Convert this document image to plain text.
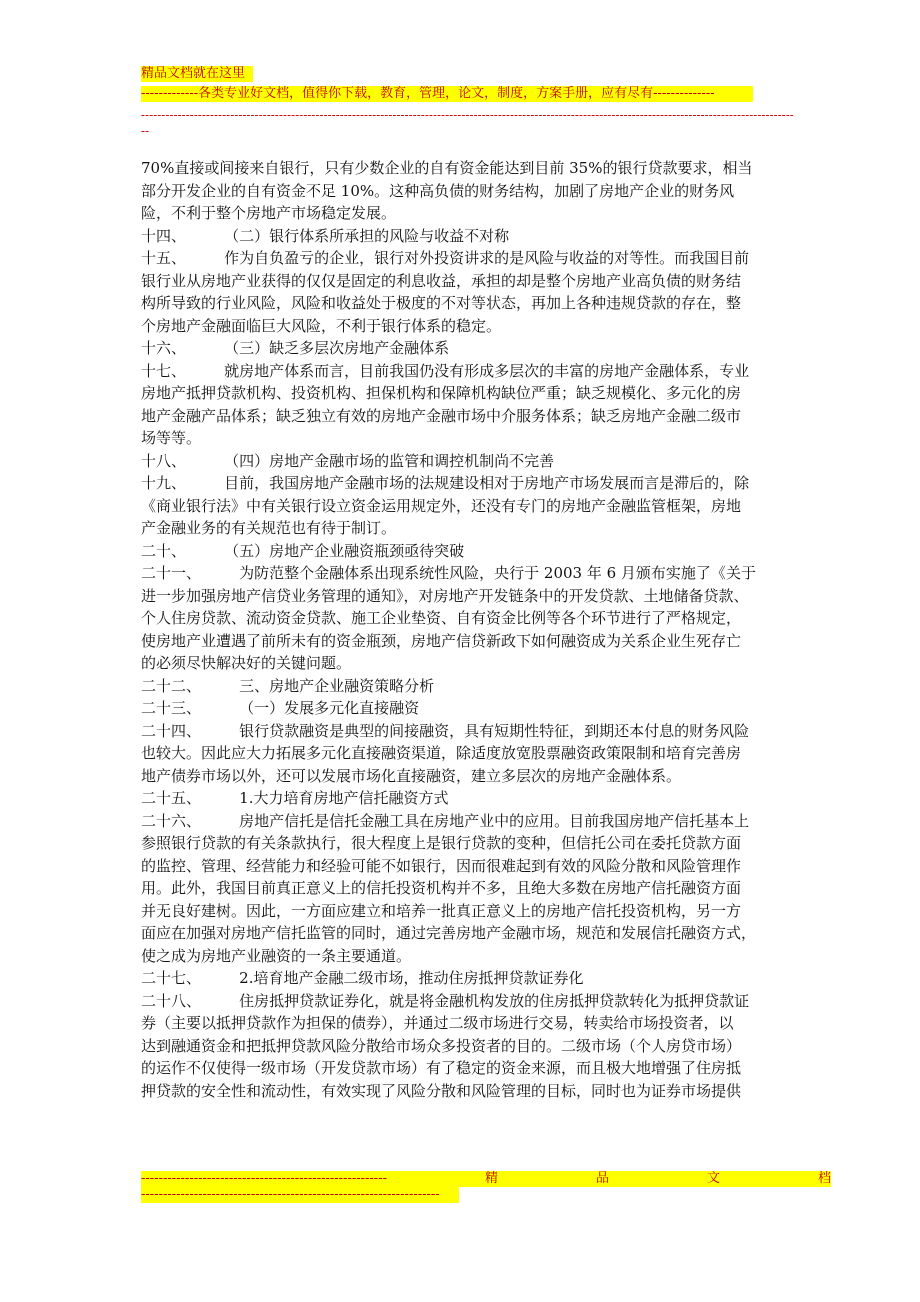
精品文档就在这里
-------------各类专业好文档，值得你下载，教育，管理，论文，制度，方案手册，应有尽有--------------
-----------------------------------------------------------------------------------------------------------------------------------------------------------------
--
70%直接或间接来自银行，只有少数企业的自有资金能达到目前 35%的银行贷款要求，相当
部分开发企业的自有资金不足 10%。这种高负债的财务结构，加剧了房地产企业的财务风
险，不利于整个房地产市场稳定发展。
十四、        （二）银行体系所承担的风险与收益不对称
十五、        作为自负盈亏的企业，银行对外投资讲求的是风险与收益的对等性。而我国目前
银行业从房地产业获得的仅仅是固定的利息收益，承担的却是整个房地产业高负债的财务结
构所导致的行业风险，风险和收益处于极度的不对等状态，再加上各种违规贷款的存在，整
个房地产金融面临巨大风险，不利于银行体系的稳定。
十六、        （三）缺乏多层次房地产金融体系
十七、        就房地产体系而言，目前我国仍没有形成多层次的丰富的房地产金融体系，专业
房地产抵押贷款机构、投资机构、担保机构和保障机构缺位严重；缺乏规模化、多元化的房
地产金融产品体系；缺乏独立有效的房地产金融市场中介服务体系；缺乏房地产金融二级市
场等等。
十八、        （四）房地产金融市场的监管和调控机制尚不完善
十九、        目前，我国房地产金融市场的法规建设相对于房地产市场发展而言是滞后的，除
《商业银行法》中有关银行设立资金运用规定外，还没有专门的房地产金融监管框架，房地
产金融业务的有关规范也有待于制订。
二十、        （五）房地产企业融资瓶颈亟待突破
二十一、        为防范整个金融体系出现系统性风险，央行于 2003 年 6 月颁布实施了《关于
进一步加强房地产信贷业务管理的通知》，对房地产开发链条中的开发贷款、土地储备贷款、
个人住房贷款、流动资金贷款、施工企业垫资、自有资金比例等各个环节进行了严格规定，
使房地产业遭遇了前所未有的资金瓶颈，房地产信贷新政下如何融资成为关系企业生死存亡
的必须尽快解决好的关键问题。
二十二、        三、房地产企业融资策略分析
二十三、        （一）发展多元化直接融资
二十四、        银行贷款融资是典型的间接融资，具有短期性特征，到期还本付息的财务风险
也较大。因此应大力拓展多元化直接融资渠道，除适度放宽股票融资政策限制和培育完善房
地产债券市场以外，还可以发展市场化直接融资，建立多层次的房地产金融体系。
二十五、        1.大力培育房地产信托融资方式
二十六、        房地产信托是信托金融工具在房地产业中的应用。目前我国房地产信托基本上
参照银行贷款的有关条款执行，很大程度上是银行贷款的变种，但信托公司在委托贷款方面
的监控、管理、经营能力和经验可能不如银行，因而很难起到有效的风险分散和风险管理作
用。此外，我国目前真正意义上的信托投资机构并不多，且绝大多数在房地产信托融资方面
并无良好建树。因此，一方面应建立和培养一批真正意义上的房地产信托投资机构，另一方
面应在加强对房地产信托监管的同时，通过完善房地产金融市场，规范和发展信托融资方式，
使之成为房地产业融资的一条主要通道。
二十七、        2.培育地产金融二级市场，推动住房抵押贷款证券化
二十八、        住房抵押贷款证券化，就是将金融机构发放的住房抵押贷款转化为抵押贷款证
券（主要以抵押贷款作为担保的债券），并通过二级市场进行交易，转卖给市场投资者，以
达到融通资金和把抵押贷款风险分散给市场众多投资者的目的。二级市场（个人房贷市场）
的运作不仅使得一级市场（开发贷款市场）有了稳定的资金来源，而且极大地增强了住房抵
押贷款的安全性和流动性，有效实现了风险分散和风险管理的目标，同时也为证券市场提供
--------------------------------------------------------	精	品	文	档
--------------------------------------------------------------------
